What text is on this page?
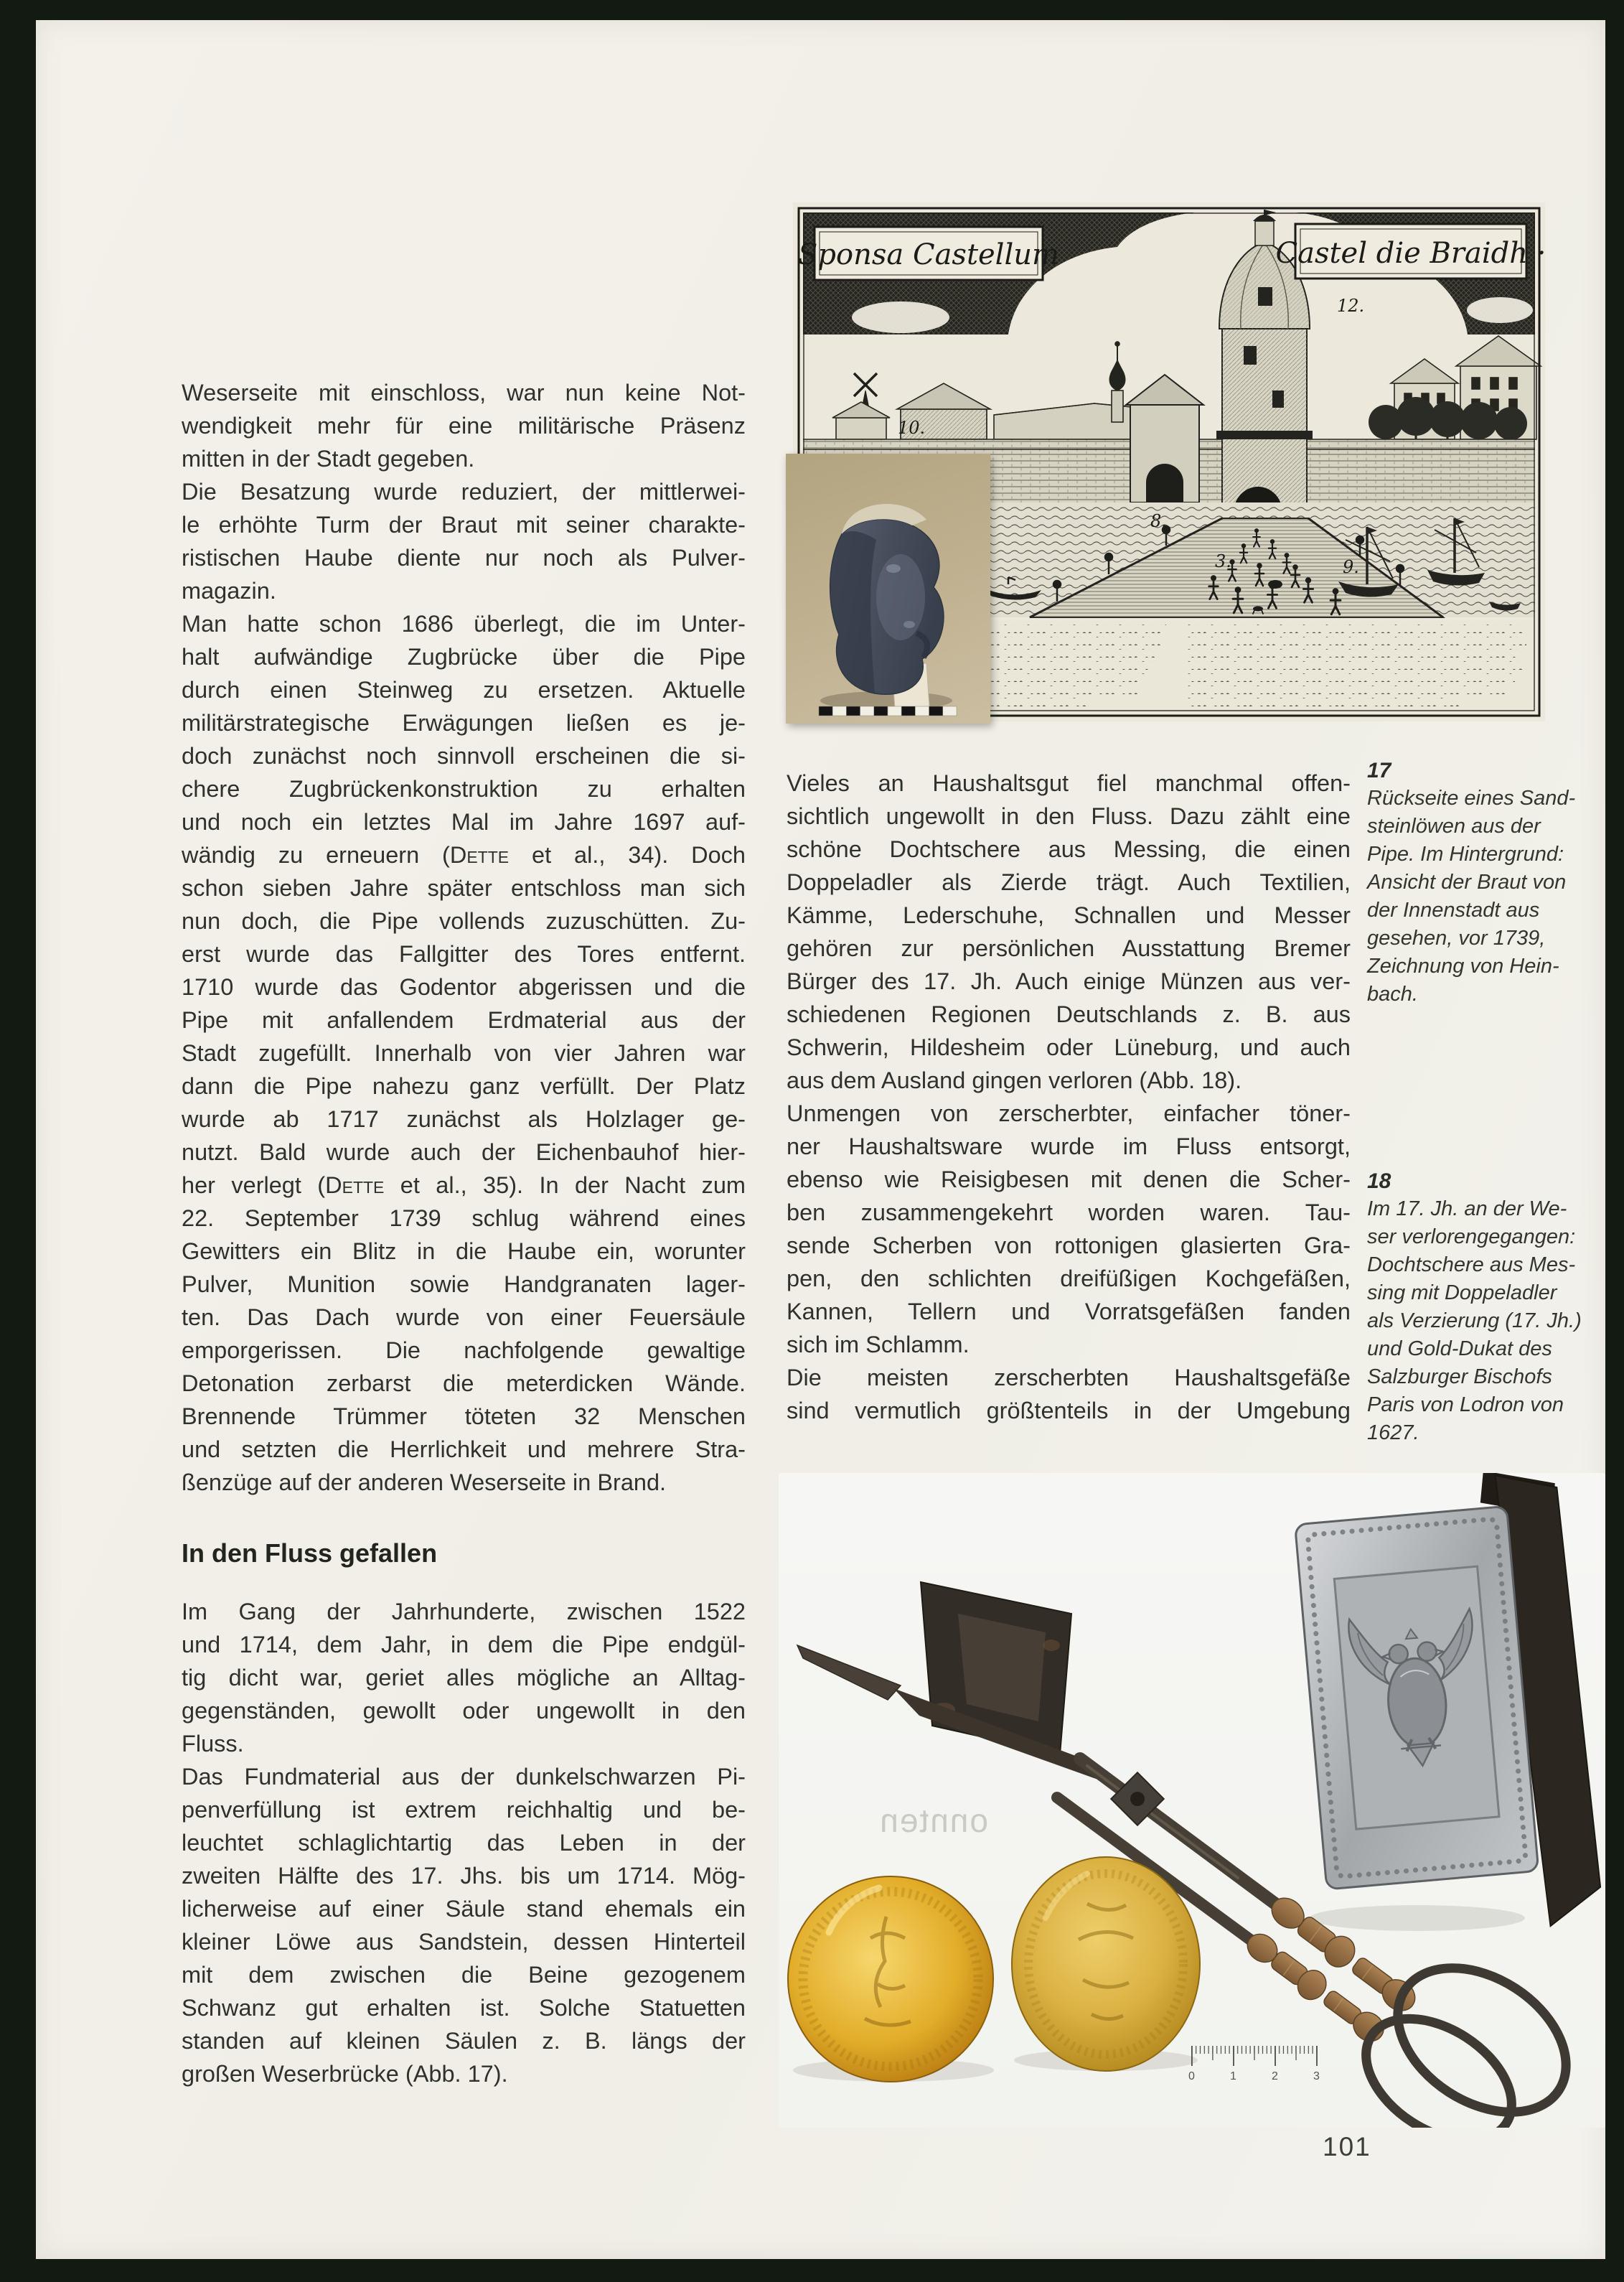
Sponsa Castellum	Castel die Braidh ·
12.
10.
8.
3.	9.
Weserseite mit einschloss, war nun keine Not-
wendigkeit mehr für eine militärische Präsenz
mitten in der Stadt gegeben.
Die Besatzung wurde reduziert, der mittlerwei-
le erhöhte Turm der Braut mit seiner charakte-
ristischen Haube diente nur noch als Pulver-
magazin.
Man hatte schon 1686 überlegt, die im Unter-
halt aufwändige Zugbrücke über die Pipe
durch einen Steinweg zu ersetzen. Aktuelle
militärstrategische Erwägungen ließen es je-
doch zunächst noch sinnvoll erscheinen die si-
chere Zugbrückenkonstruktion zu erhalten
und noch ein letztes Mal im Jahre 1697 auf-
wändig zu erneuern (Dette et al., 34). Doch
schon sieben Jahre später entschloss man sich
nun doch, die Pipe vollends zuzuschütten. Zu-
erst wurde das Fallgitter des Tores entfernt.
1710 wurde das Godentor abgerissen und die
Pipe mit anfallendem Erdmaterial aus der
Stadt zugefüllt. Innerhalb von vier Jahren war
dann die Pipe nahezu ganz verfüllt. Der Platz
wurde ab 1717 zunächst als Holzlager ge-
nutzt. Bald wurde auch der Eichenbauhof hier-
her verlegt (Dette et al., 35). In der Nacht zum
22. September 1739 schlug während eines
Gewitters ein Blitz in die Haube ein, worunter
Pulver, Munition sowie Handgranaten lager-
ten. Das Dach wurde von einer Feuersäule
emporgerissen. Die nachfolgende gewaltige
Detonation zerbarst die meterdicken Wände.
Brennende Trümmer töteten 32 Menschen
und setzten die Herrlichkeit und mehrere Stra-
ßenzüge auf der anderen Weserseite in Brand.
In den Fluss gefallen
Im Gang der Jahrhunderte, zwischen 1522
und 1714, dem Jahr, in dem die Pipe endgül-
tig dicht war, geriet alles mögliche an Alltag-
gegenständen, gewollt oder ungewollt in den
Fluss.
Das Fundmaterial aus der dunkelschwarzen Pi-
penverfüllung ist extrem reichhaltig und be-
leuchtet schlaglichtartig das Leben in der
zweiten Hälfte des 17. Jhs. bis um 1714. Mög-
licherweise auf einer Säule stand ehemals ein
kleiner Löwe aus Sandstein, dessen Hinterteil
mit dem zwischen die Beine gezogenem
Schwanz gut erhalten ist. Solche Statuetten
standen auf kleinen Säulen z. B. längs der
großen Weserbrücke (Abb. 17).
Vieles an Haushaltsgut fiel manchmal offen-
sichtlich ungewollt in den Fluss. Dazu zählt eine
schöne Dochtschere aus Messing, die einen
Doppeladler als Zierde trägt. Auch Textilien,
Kämme, Lederschuhe, Schnallen und Messer
gehören zur persönlichen Ausstattung Bremer
Bürger des 17. Jh. Auch einige Münzen aus ver-
schiedenen Regionen Deutschlands z. B. aus
Schwerin, Hildesheim oder Lüneburg, und auch
aus dem Ausland gingen verloren (Abb. 18).
Unmengen von zerscherbter, einfacher töner-
ner Haushaltsware wurde im Fluss entsorgt,
ebenso wie Reisigbesen mit denen die Scher-
ben zusammengekehrt worden waren. Tau-
sende Scherben von rottonigen glasierten Gra-
pen, den schlichten dreifüßigen Kochgefäßen,
Kannen, Tellern und Vorratsgefäßen fanden
sich im Schlamm.
Die meisten zerscherbten Haushaltsgefäße
sind vermutlich größtenteils in der Umgebung
17
Rückseite eines Sand-
steinlöwen aus der
Pipe. Im Hintergrund:
Ansicht der Braut von
der Innenstadt aus
gesehen, vor 1739,
Zeichnung von Hein-
bach.
18
Im 17. Jh. an der We-
ser verlorengegangen:
Dochtschere aus Mes-
sing mit Doppeladler
als Verzierung (17. Jh.)
und Gold-Dukat des
Salzburger Bischofs
Paris von Lodron von
1627.
onnten
0	1	2	3
101
